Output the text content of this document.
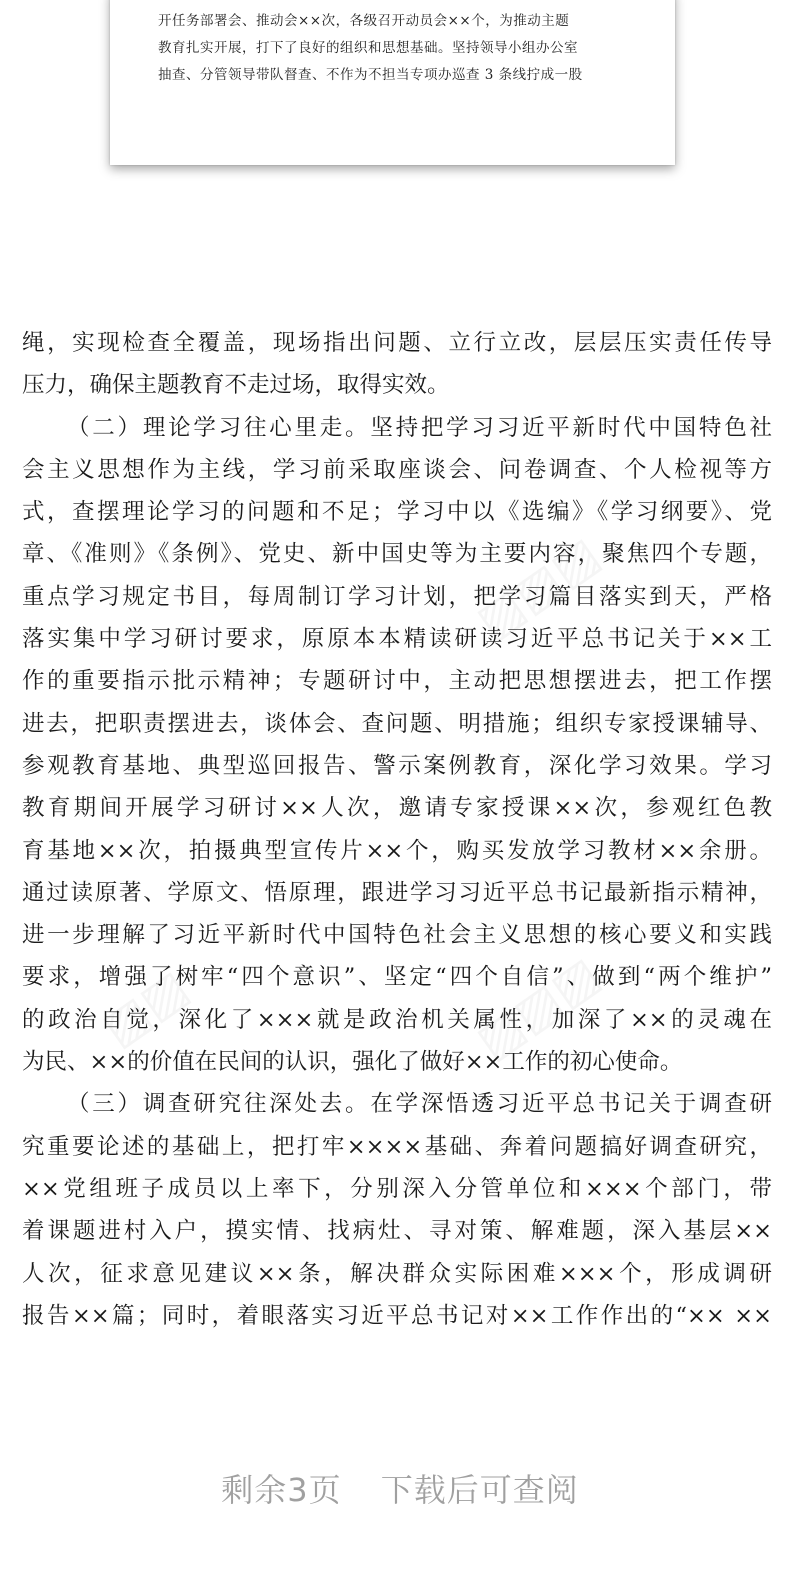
开任务部署会、推动会××次，各级召开动员会××个，为推动主题
教育扎实开展，打下了良好的组织和思想基础。坚持领导小组办公室
抽查、分管领导带队督查、不作为不担当专项办巡查 3 条线拧成一股
▨▨▨
▨▨▨
▨▨
绳，实现检查全覆盖，现场指出问题、立行立改，层层压实责任传导
压力，确保主题教育不走过场，取得实效。
（二）理论学习往心里走。坚持把学习习近平新时代中国特色社
会主义思想作为主线，学习前采取座谈会、问卷调查、个人检视等方
式，查摆理论学习的问题和不足；学习中以《选编》《学习纲要》、党
章、《准则》《条例》、党史、新中国史等为主要内容，聚焦四个专题，
重点学习规定书目，每周制订学习计划，把学习篇目落实到天，严格
落实集中学习研讨要求，原原本本精读研读习近平总书记关于××工
作的重要指示批示精神；专题研讨中，主动把思想摆进去，把工作摆
进去，把职责摆进去，谈体会、查问题、明措施；组织专家授课辅导、
参观教育基地、典型巡回报告、警示案例教育，深化学习效果。学习
教育期间开展学习研讨××人次，邀请专家授课××次，参观红色教
育基地××次，拍摄典型宣传片××个，购买发放学习教材××余册。
通过读原著、学原文、悟原理，跟进学习习近平总书记最新指示精神，
进一步理解了习近平新时代中国特色社会主义思想的核心要义和实践
要求，增强了树牢“四个意识”、坚定“四个自信”、做到“两个维护”
的政治自觉，深化了×××就是政治机关属性，加深了××的灵魂在
为民、××的价值在民间的认识，强化了做好××工作的初心使命。
（三）调查研究往深处去。在学深悟透习近平总书记关于调查研
究重要论述的基础上，把打牢××××基础、奔着问题搞好调查研究，
××党组班子成员以上率下，分别深入分管单位和×××个部门，带
着课题进村入户，摸实情、找病灶、寻对策、解难题，深入基层××
人次，征求意见建议××条，解决群众实际困难×××个，形成调研
报告××篇；同时，着眼落实习近平总书记对××工作作出的“×× ××
剩余3页 下载后可查阅
